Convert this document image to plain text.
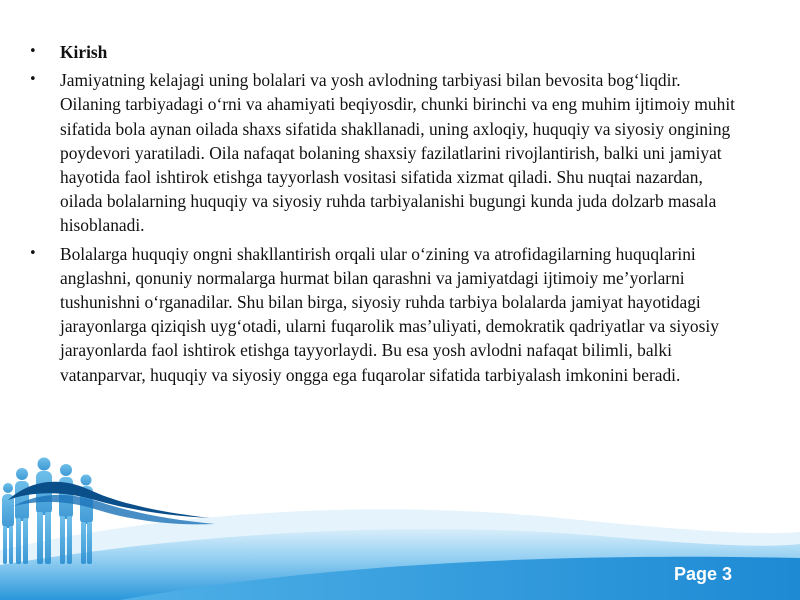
• Kirish
• Jamiyatning kelajagi uning bolalari va yosh avlodning tarbiyasi bilan bevosita bog‘liqdir. Oilaning tarbiyadagi o‘rni va ahamiyati beqiyosdir, chunki birinchi va eng muhim ijtimoiy muhit sifatida bola aynan oilada shaxs sifatida shakllanadi, uning axloqiy, huquqiy va siyosiy ongining poydevori yaratiladi. Oila nafaqat bolaning shaxsiy fazilatlarini rivojlantirish, balki uni jamiyat hayotida faol ishtirok etishga tayyorlash vositasi sifatida xizmat qiladi. Shu nuqtai nazardan, oilada bolalarning huquqiy va siyosiy ruhda tarbiyalanishi bugungi kunda juda dolzarb masala hisoblanadi.
• Bolalarga huquqiy ongni shakllantirish orqali ular o‘zining va atrofidagilarning huquqlarini anglashni, qonuniy normalarga hurmat bilan qarashni va jamiyatdagi ijtimoiy me’yorlarni tushunishni o‘rganadilar. Shu bilan birga, siyosiy ruhda tarbiya bolalarda jamiyat hayotidagi jarayonlarga qiziqish uyg‘otadi, ularni fuqarolik mas’uliyati, demokratik qadriyatlar va siyosiy jarayonlarda faol ishtirok etishga tayyorlaydi. Bu esa yosh avlodni nafaqat bilimli, balki vatanparvar, huquqiy va siyosiy ongga ega fuqarolar sifatida tarbiyalash imkonini beradi.
Page 3
